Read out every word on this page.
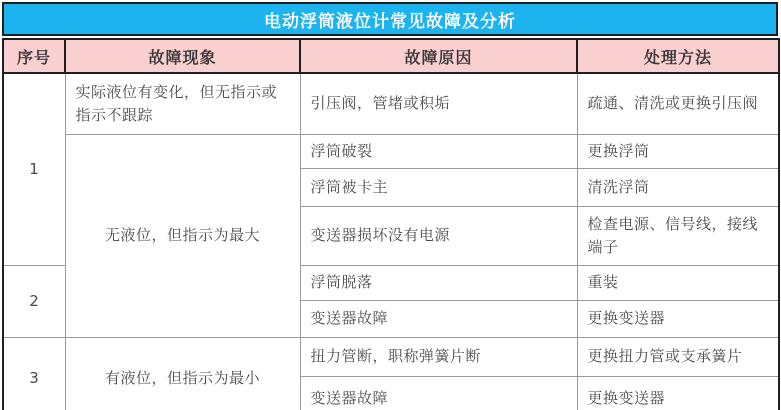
电动浮筒液位计常见故障及分析
序号	故障现象	故障原因	处理方法
1	实际液位有变化，但无指示或指示不跟踪	引压阀，管堵或积垢	疏通、清洗或更换引压阀
	无液位，但指示为最大	浮筒破裂	更换浮筒
		浮筒被卡主	清洗浮筒
		变送器损坏没有电源	检查电源、信号线，接线端子
2		浮筒脱落	重装
		变送器故障	更换变送器
3	有液位，但指示为最小	扭力管断，职称弹簧片断	更换扭力管或支承簧片
		变送器故障	更换变送器
